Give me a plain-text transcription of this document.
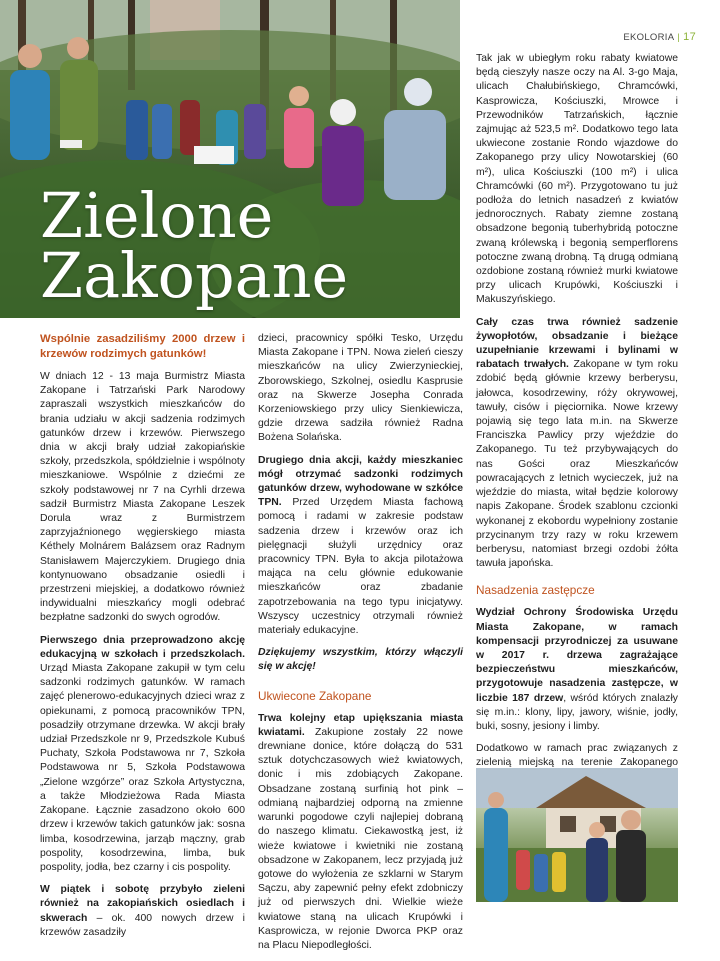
EKOLORIA | 17
Zielone
Zakopane

Wspólnie zasadziliśmy 2000 drzew i krzewów rodzimych gatunków!

W dniach 12 - 13 maja Burmistrz Miasta Zakopane i Tatrzański Park Narodowy zapraszali wszystkich mieszkańców do brania udziału w akcji sadzenia rodzimych gatunków drzew i krzewów. Pierwszego dnia w akcji brały udział zakopiańskie szkoły, przedszkola, spółdzielnie i wspólnoty mieszkaniowe. Wspólnie z dziećmi ze szkoły podstawowej nr 7 na Cyrhli drzewa sadził Burmistrz Miasta Zakopane Leszek Dorula wraz z Burmistrzem zaprzyjaźnionego węgierskiego miasta Kéthely Molnárem Balázsem oraz Radnym Stanisławem Majerczykiem. Drugiego dnia kontynuowano obsadzanie osiedli i przestrzeni miejskiej, a dodatkowo również indywidualni mieszkańcy mogli odebrać bezpłatne sadzonki do swych ogrodów.

Pierwszego dnia przeprowadzono akcję edukacyjną w szkołach i przedszkolach. Urząd Miasta Zakopane zakupił w tym celu sadzonki rodzimych gatunków. W ramach zajęć plenerowo-edukacyjnych dzieci wraz z opiekunami, z pomocą pracowników TPN, posadziły otrzymane drzewka. W akcji brały udział Przedszkole nr 9, Przedszkole Kubuś Puchaty, Szkoła Podstawowa nr 7, Szkoła Podstawowa nr 5, Szkoła Podstawowa „Zielone wzgórze” oraz Szkoła Artystyczna, a także Młodzieżowa Rada Miasta Zakopane. Łącznie zasadzono około 600 drzew i krzewów takich gatunków jak: sosna limba, kosodrzewina, jarząb mączny, grab pospolity, kosodrzewina, limba, buk pospolity, jodła, bez czarny i cis pospolity.

W piątek i sobotę przybyło zieleni również na zakopiańskich osiedlach i skwerach – ok. 400 nowych drzew i krzewów zasadziły

dzieci, pracownicy spółki Tesko, Urzędu Miasta Zakopane i TPN. Nowa zieleń cieszy mieszkańców na ulicy Zwierzynieckiej, Zborowskiego, Szkolnej, osiedlu Kasprusie oraz na Skwerze Josepha Conrada Korzeniowskiego przy ulicy Sienkiewicza, gdzie drzewa sadziła również Radna Bożena Solańska.

Drugiego dnia akcji, każdy mieszkaniec mógł otrzymać sadzonki rodzimych gatunków drzew, wyhodowane w szkółce TPN. Przed Urzędem Miasta fachową pomocą i radami w zakresie podstaw sadzenia drzew i krzewów oraz ich pielęgnacji służyli urzędnicy oraz pracownicy TPN. Była to akcja pilotażowa mająca na celu głównie edukowanie mieszkańców oraz zbadanie zapotrzebowania na tego typu inicjatywy. Wszyscy uczestnicy otrzymali również materiały edukacyjne.

Dziękujemy wszystkim, którzy włączyli się w akcję!

Ukwiecone Zakopane

Trwa kolejny etap upiększania miasta kwiatami. Zakupione zostały 22 nowe drewniane donice, które dołączą do 531 sztuk dotychczasowych wież kwiatowych, donic i mis zdobiących Zakopane. Obsadzane zostaną surfinią hot pink – odmianą najbardziej odporną na zmienne warunki pogodowe czyli najlepiej dobraną do naszego klimatu. Ciekawostką jest, iż wieże kwiatowe i kwietniki nie zostaną obsadzone w Zakopanem, lecz przyjadą już gotowe do wyłożenia ze szklarni w Starym Sączu, aby zapewnić pełny efekt zdobniczy już od pierwszych dni. Wielkie wieże kwiatowe staną na ulicach Krupówki i Kasprowicza, w rejonie Dworca PKP oraz na Placu Niepodległości.

Tak jak w ubiegłym roku rabaty kwiatowe będą cieszyły nasze oczy na Al. 3-go Maja, ulicach Chałubińskiego, Chramcówki, Kasprowicza, Kościuszki, Mrowce i Przewodników Tatrzańskich, łącznie zajmując aż 523,5 m². Dodatkowo tego lata ukwiecone zostanie Rondo wjazdowe do Zakopanego przy ulicy Nowotarskiej (60 m²), ulica Kościuszki (100 m²) i ulica Chramcówki (60 m²). Przygotowano tu już podłoża do letnich nasadzeń z kwiatów jednorocznych. Rabaty ziemne zostaną obsadzone begonią tuberhybridą potoczne zwaną królewską i begonią semperflorens potoczne zwaną drobną. Tą drugą odmianą ozdobione zostaną również murki kwiatowe przy ulicach Krupówki, Kościuszki i Makuszyńskiego.

Cały czas trwa również sadzenie żywopłotów, obsadzanie i bieżące uzupełnianie krzewami i bylinami w rabatach trwałych. Zakopane w tym roku zdobić będą głównie krzewy berberysu, jałowca, kosodrzewiny, róży okrywowej, tawuły, cisów i pięciornika. Nowe krzewy pojawią się tego lata m.in. na Skwerze Franciszka Pawlicy przy wjeździe do Zakopanego. Tu też przybywających do nas Gości oraz Mieszkańców powracających z letnich wycieczek, już na wjeździe do miasta, witał będzie kolorowy napis Zakopane. Środek szablonu czcionki wykonanej z ekobordu wypełniony zostanie przycinanym trzy razy w roku krzewem berberysu, natomiast brzegi ozdobi żółta tawuła japońska.

Nasadzenia zastępcze

Wydział Ochrony Środowiska Urzędu Miasta Zakopane, w ramach kompensacji przyrodniczej za usuwane w 2017 r. drzewa zagrażające bezpieczeństwu mieszkańców, przygotowuje nasadzenia zastępcze, w liczbie 187 drzew, wśród których znalazły się m.in.: klony, lipy, jawory, wiśnie, jodły, buki, sosny, jesiony i limby.

Dodatkowo w ramach prac związanych z zielenią miejską na terenie Zakopanego
